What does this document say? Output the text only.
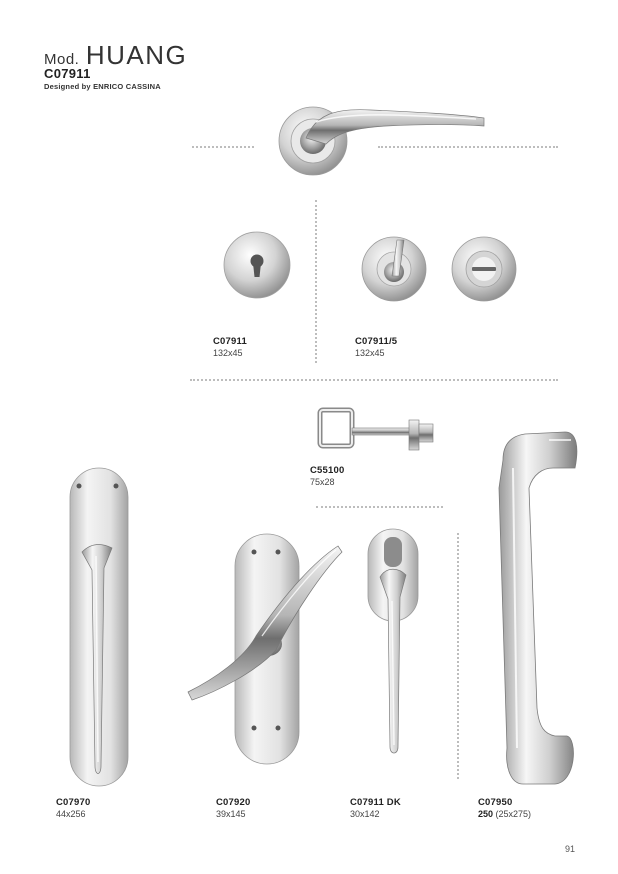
Mod. HUANG
C07911
Designed by ENRICO CASSINA
C07911
132x45
C07911/5
132x45
C55100
75x28
C07970
44x256
C07920
39x145
C07911 DK
30x142
C07950
250 (25x275)
91
